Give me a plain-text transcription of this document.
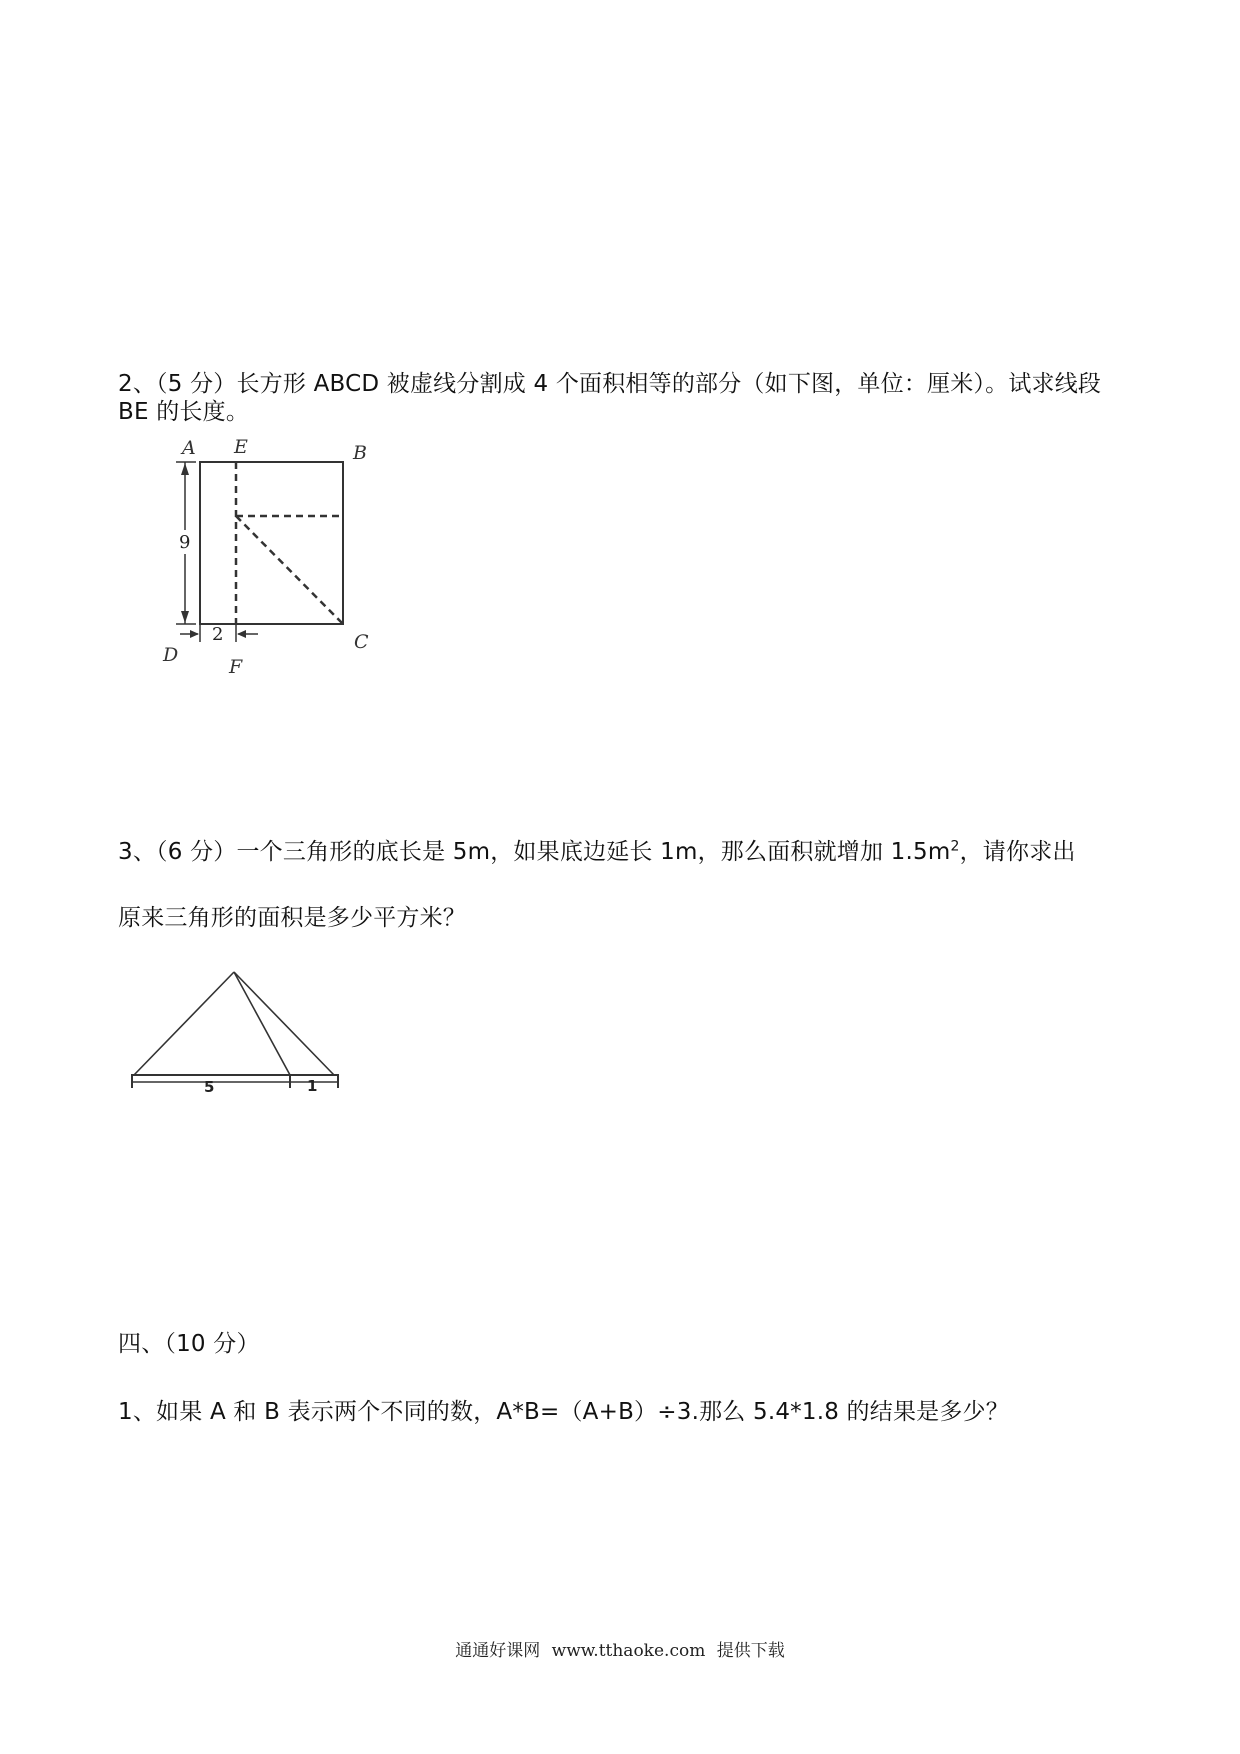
2、（5 分）长方形 ABCD 被虚线分割成 4 个面积相等的部分（如下图，单位：厘米）。试求线段 BE 的长度。
9
2
A E	B
C
D
F
3、（6 分）一个三角形的底长是 5m，如果底边延长 1m，那么面积就增加 $1.5m^2$，请你求出
原来三角形的面积是多少平方米？
5	1
四、（10 分）
1、如果 A 和 B 表示两个不同的数，A*B=（A+B）÷3.那么 5.4*1.8 的结果是多少？
通通好课网 www.tthaoke.com 提供下载
